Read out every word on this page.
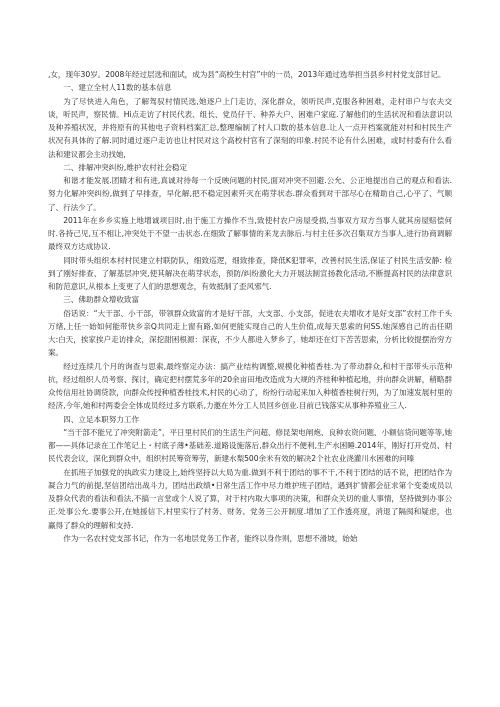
,女，现年30岁。2008年经过层选和面试，成为县“高校生村官”中的一员，2013年通过选举担当县乡村村党支部甘记。

一、建立全村人11数的基本信息

为了尽快进入角色，了解驾驭村情民选,她逐户上门走访，深化群众，领听民声,克服各种困难，走村串户与农夫交谈，听民声，察民情。Hi点走访了村民代表、组长、党员仔干、种养大户、困难户家庭.了解他们的生活状况和看法意识以及种养殖状况，并将原有的其他电子资料档案汇总,整理编制了村人口数的基本信息.让人一点开档案就能对村和村民生产状况有具体的了解.同时通过逐户走访也让村民对这个高校村官有了深刻的印象.村民不论有什么困难，或时村委有什么看法和建议都会主动找她,

二、排解冲突纠纷,维护农村社会稳定

和谐才能发展.团睛才和有进,真诚对待每一个反映问题的村民,面对冲突不回避.公允、公正地提出自己的观点和看法.努力化解冲突纠纷,做到了早排查，早化解,把不稳定因素歼灭在萌芽状态.群众看到对干部尽心在精助自己,心平了、气顺了、行法少了。

2011年在乡乡实施上地增诚项目时,由于施工方操作不当,致使村农户房屋受损,当事双方双方当事人就其房屋赔偿何时.各持己见,互不相让,冲突处于不望一击状态.在细致了解事情的来龙去脉后.与村主任多次召集双方当事人,进行协商调解最终双方达成协议.

同时带头组织本村村民建立村联防队，细致巡逻，细致排查，降低K犯罪率，改善村民生活,保证了村民生活安静: 检到了刚好排查、了解基层冲突,使其解决在萌芽状态，预防/纠纷激化大力开展法制宣扬教化活动,不断提高村民的法律意识和防范意识,从根本上变更了人们的思想观念，有效抵制了歪风邪气.

三、佛助群众增收致富

俗话说：“大干部、小干部，带领群众致富的才是好干部，大支部、小支部，促进农夫增收才是好支部”农村工作千头万绪,上任一始如何能带快乡亲Q共同走上窗有路,如何更能实现自己的人生价值,成每天思索的何SS.她深感自己的击任期大:白天，挨家挨户走访排众，深挖甜困根源：深夜，不少人都进入梦乡了，她却还在灯下苦苦思索，分析比较提摆治穷方案。

经过连续几个月的询查与思索,最终察定办法：搞产业结构调整,规模化种植香桂.为了带动群众,和村干部带头示范种抗，经过组织人员考察、探讨，确定把村摆荒多年的20余亩田地改造成为大规的齐桂种种植起地，并向群众讲解，稍略群众传信用社协调贷款，向群众传授种植香桂技术,村民的心动了，纷纷行动起来加入种植香桂树行列，为了加速发展村里的经济,今年,她和村两委会全体成员经过多方联系,力邀在外分工人员回乡创业.目前已钱落实从事种养殖业三人.

四、立足本职努力工作

“当干部不能兄了冲突附箭走”，平日里村民们的生活生产问超、修昆架电闸炮、良种农资问题、小额信贷问题等等,她都——具体记录在工作笔记上・村底子薄•基础差.道路设施落后,群众出行不便利,生产水困睡.2014年，刚好打开党员、村民代表会议，深化到群众中，组织村民筹资筹劳，新建水梨500余米有效的解决2个社农业浇灌川水困难的问嗪

在抓班子加强党的执政实力建设上,始终坚持以大局为重.做到不利于团结的事不干,不利于团结的话不说，把团结作为凝合力气的前提,坚信团结出战斗力，团结出政绩•日常生活工作中尽力维护班子团结，遇到扩情都会征求第个变委成员以及群众代表的看法和看法,不搞一言堂或个人说了算，对于村内取大事项的决策，和群众关切的重人事情，坚持做到办事公正.处事公允.要事公开,在她援信下,村里实行了村务、财务、党务三公开制度.增加了工作透亮度，消退了隔阂和疑虑，也赢得了群众的理解和支持.

作为一名农村党支部书记，作为一名地层党务工作者，能终以身作则，思想不滑坡，始始
